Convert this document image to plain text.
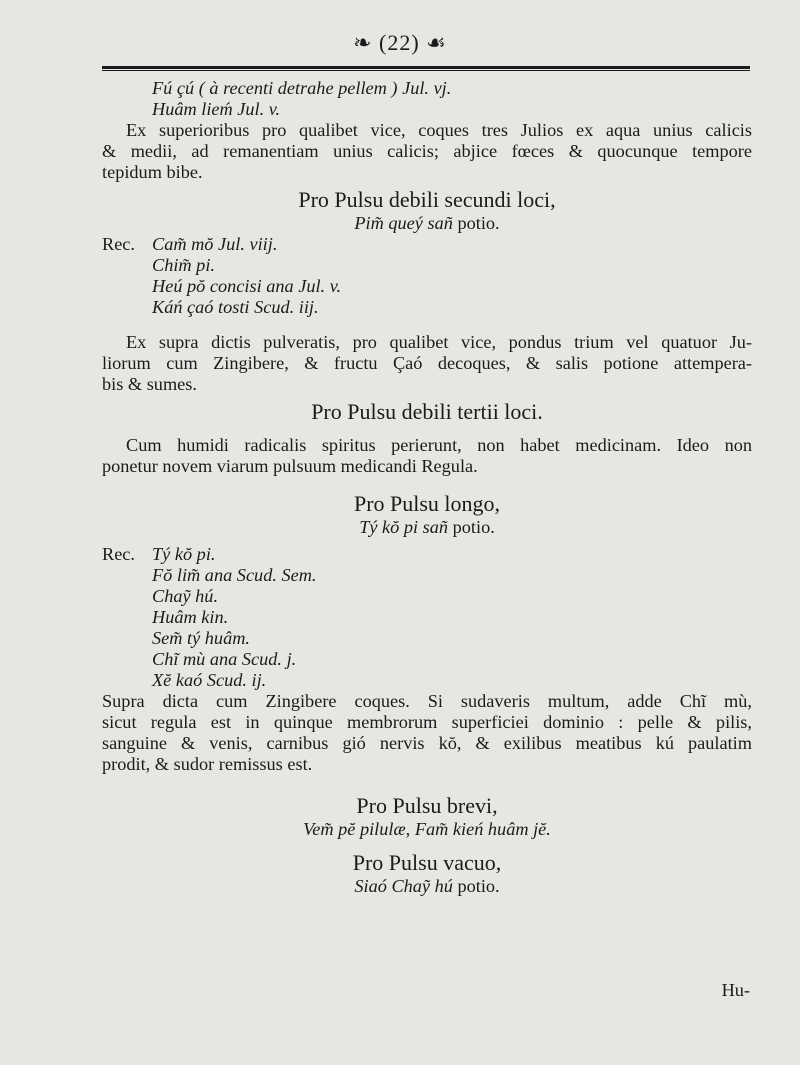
❧ (22) ☙
Fú çú ( à recenti detrahe pellem ) Jul. vj.
Huâm lieḿ Jul. v.
Ex superioribus pro qualibet vice, coques tres Julios ex aqua unius calicis
& medii, ad remanentiam unius calicis; abjice fœces & quocunque tempore
tepidum bibe.
Pro Pulsu debili secundi loci,
Pim̃ queý sañ potio.
Rec. Cam̃ mŏ Jul. viij.
Chim̃ pi.
Heú pŏ concisi ana Jul. v.
Káń çaó tosti Scud. iij.
Ex supra dictis pulveratis, pro qualibet vice, pondus trium vel quatuor Ju-
liorum cum Zingibere, & fructu Çaó decoques, & salis potione attempera-
bis & sumes.
Pro Pulsu debili tertii loci.
Cum humidi radicalis spiritus perierunt, non habet medicinam. Ideo non
ponetur novem viarum pulsuum medicandi Regula.
Pro Pulsu longo,
Tý kŏ pi sañ potio.
Rec. Tý kŏ pi.
Fŏ lim̃ ana Scud. Sem.
Chaỹ hú.
Huâm kin.
Sem̃ tý huâm.
Chĩ mù ana Scud. j.
Xĕ kaó Scud. ij.
Supra dicta cum Zingibere coques. Si sudaveris multum, adde Chĩ mù,
sicut regula est in quinque membrorum superficiei dominio : pelle & pilis,
sanguine & venis, carnibus gió nervis kŏ, & exilibus meatibus kú paulatim
prodit, & sudor remissus est.
Pro Pulsu brevi,
Vem̃ pĕ pilulæ, Fam̃ kień huâm jĕ.
Pro Pulsu vacuo,
Siaó Chaỹ hú potio.
Hu-
